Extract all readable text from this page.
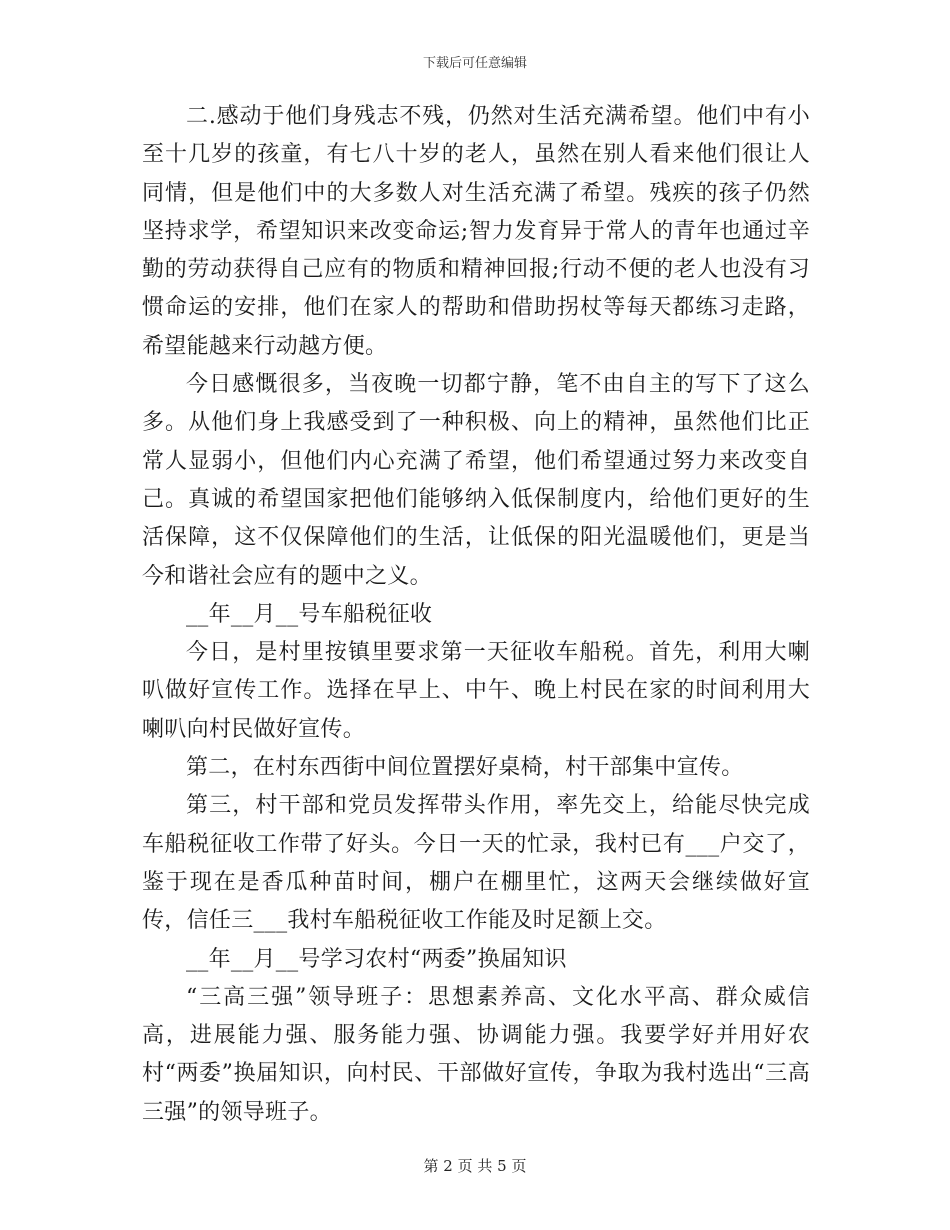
下载后可任意编辑

二.感动于他们身残志不残，仍然对生活充满希望。他们中有小至十几岁的孩童，有七八十岁的老人，虽然在别人看来他们很让人同情，但是他们中的大多数人对生活充满了希望。残疾的孩子仍然坚持求学，希望知识来改变命运;智力发育异于常人的青年也通过辛勤的劳动获得自己应有的物质和精神回报;行动不便的老人也没有习惯命运的安排，他们在家人的帮助和借助拐杖等每天都练习走路，希望能越来行动越方便。

今日感慨很多，当夜晚一切都宁静，笔不由自主的写下了这么多。从他们身上我感受到了一种积极、向上的精神，虽然他们比正常人显弱小，但他们内心充满了希望，他们希望通过努力来改变自己。真诚的希望国家把他们能够纳入低保制度内，给他们更好的生活保障，这不仅保障他们的生活，让低保的阳光温暖他们，更是当今和谐社会应有的题中之义。

__年__月__号车船税征收

今日，是村里按镇里要求第一天征收车船税。首先，利用大喇叭做好宣传工作。选择在早上、中午、晚上村民在家的时间利用大喇叭向村民做好宣传。

第二，在村东西街中间位置摆好桌椅，村干部集中宣传。

第三，村干部和党员发挥带头作用，率先交上，给能尽快完成车船税征收工作带了好头。今日一天的忙录，我村已有___户交了，鉴于现在是香瓜种苗时间，棚户在棚里忙，这两天会继续做好宣传，信任三___我村车船税征收工作能及时足额上交。

__年__月__号学习农村“两委”换届知识

“三高三强”领导班子：思想素养高、文化水平高、群众威信高，进展能力强、服务能力强、协调能力强。我要学好并用好农村“两委”换届知识，向村民、干部做好宣传，争取为我村选出“三高三强”的领导班子。

第 2 页 共 5 页
